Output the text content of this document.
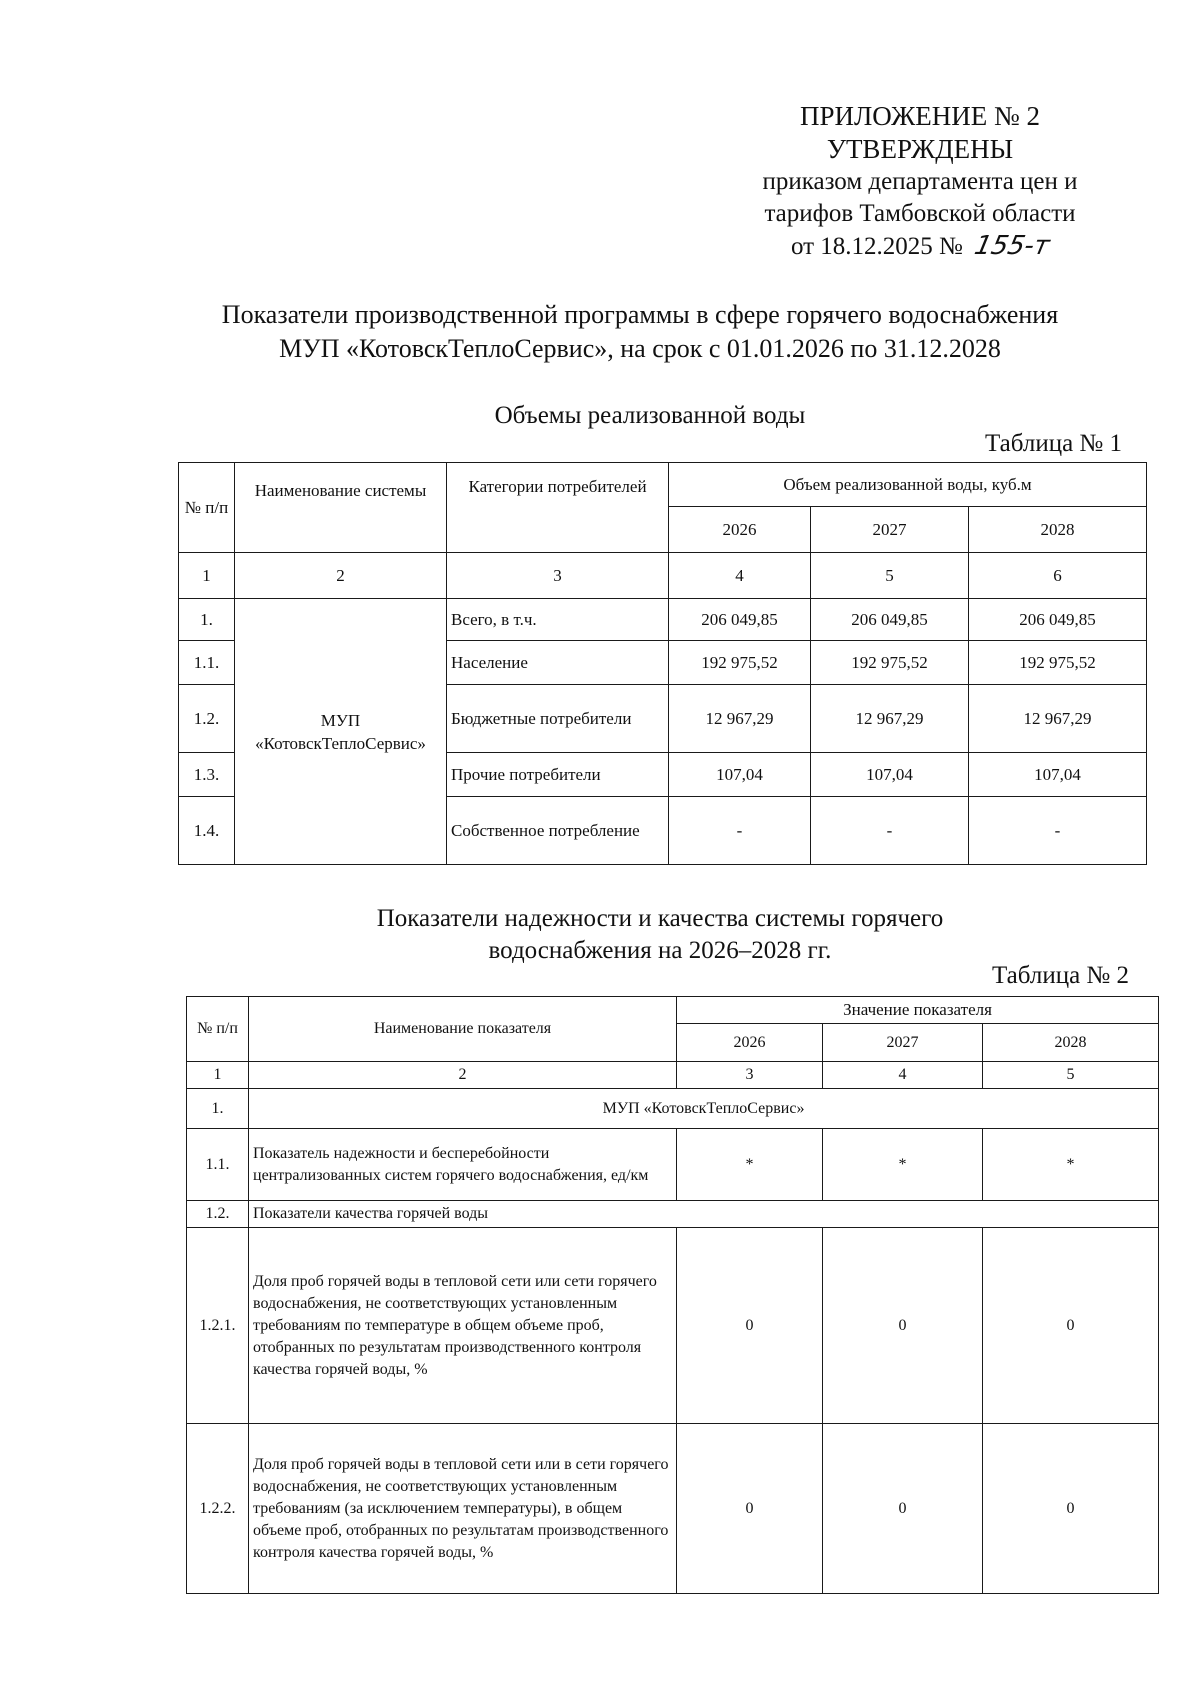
ПРИЛОЖЕНИЕ № 2
УТВЕРЖДЕНЫ
приказом департамента цен и
тарифов Тамбовской области
от 18.12.2025 № 155-т
Показатели производственной программы в сфере горячего водоснабжения
МУП «КотовскТеплоСервис», на срок с 01.01.2026 по 31.12.2028
Объемы реализованной воды
Таблица № 1
№ п/п	Наименование системы	Категории потребителей	Объем реализованной воды, куб.м		
			2026	2027	2028
1	2	3	4	5	6
1.	МУП «КотовскТеплоСервис»	Всего, в т.ч.	206 049,85	206 049,85	206 049,85
1.1.		Население	192 975,52	192 975,52	192 975,52
1.2.		Бюджетные потребители	12 967,29	12 967,29	12 967,29
1.3.		Прочие потребители	107,04	107,04	107,04
1.4.		Собственное потребление	-	-	-
Показатели надежности и качества системы горячего
водоснабжения на 2026–2028 гг.
Таблица № 2
№ п/п	Наименование показателя	Значение показателя		
		2026	2027	2028
1	2	3	4	5
1.	МУП «КотовскТеплоСервис»			
1.1.	Показатель надежности и бесперебойности централизованных систем горячего водоснабжения, ед/км	*	*	*
1.2.	Показатели качества горячей воды			
1.2.1.	Доля проб горячей воды в тепловой сети или сети горячего водоснабжения, не соответствующих установленным требованиям по температуре в общем объеме проб, отобранных по результатам производственного контроля качества горячей воды, %	0	0	0
1.2.2.	Доля проб горячей воды в тепловой сети или в сети горячего водоснабжения, не соответствующих установленным требованиям (за исключением температуры), в общем объеме проб, отобранных по результатам производственного контроля качества горячей воды, %	0	0	0
